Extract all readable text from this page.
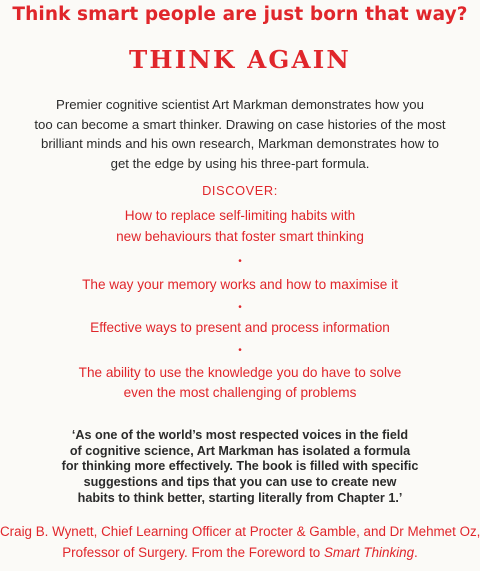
Think smart people are just born that way?
THINK AGAIN
Premier cognitive scientist Art Markman demonstrates how you
too can become a smart thinker. Drawing on case histories of the most
brilliant minds and his own research, Markman demonstrates how to
get the edge by using his three-part formula.
DISCOVER:
How to replace self-limiting habits with
new behaviours that foster smart thinking
•
The way your memory works and how to maximise it
•
Effective ways to present and process information
•
The ability to use the knowledge you do have to solve
even the most challenging of problems
‘As one of the world’s most respected voices in the field
of cognitive science, Art Markman has isolated a formula
for thinking more effectively. The book is filled with specific
suggestions and tips that you can use to create new
habits to think better, starting literally from Chapter 1.’
Craig B. Wynett, Chief Learning Officer at Procter & Gamble, and Dr Mehmet Oz,
Professor of Surgery. From the Foreword to Smart Thinking.
